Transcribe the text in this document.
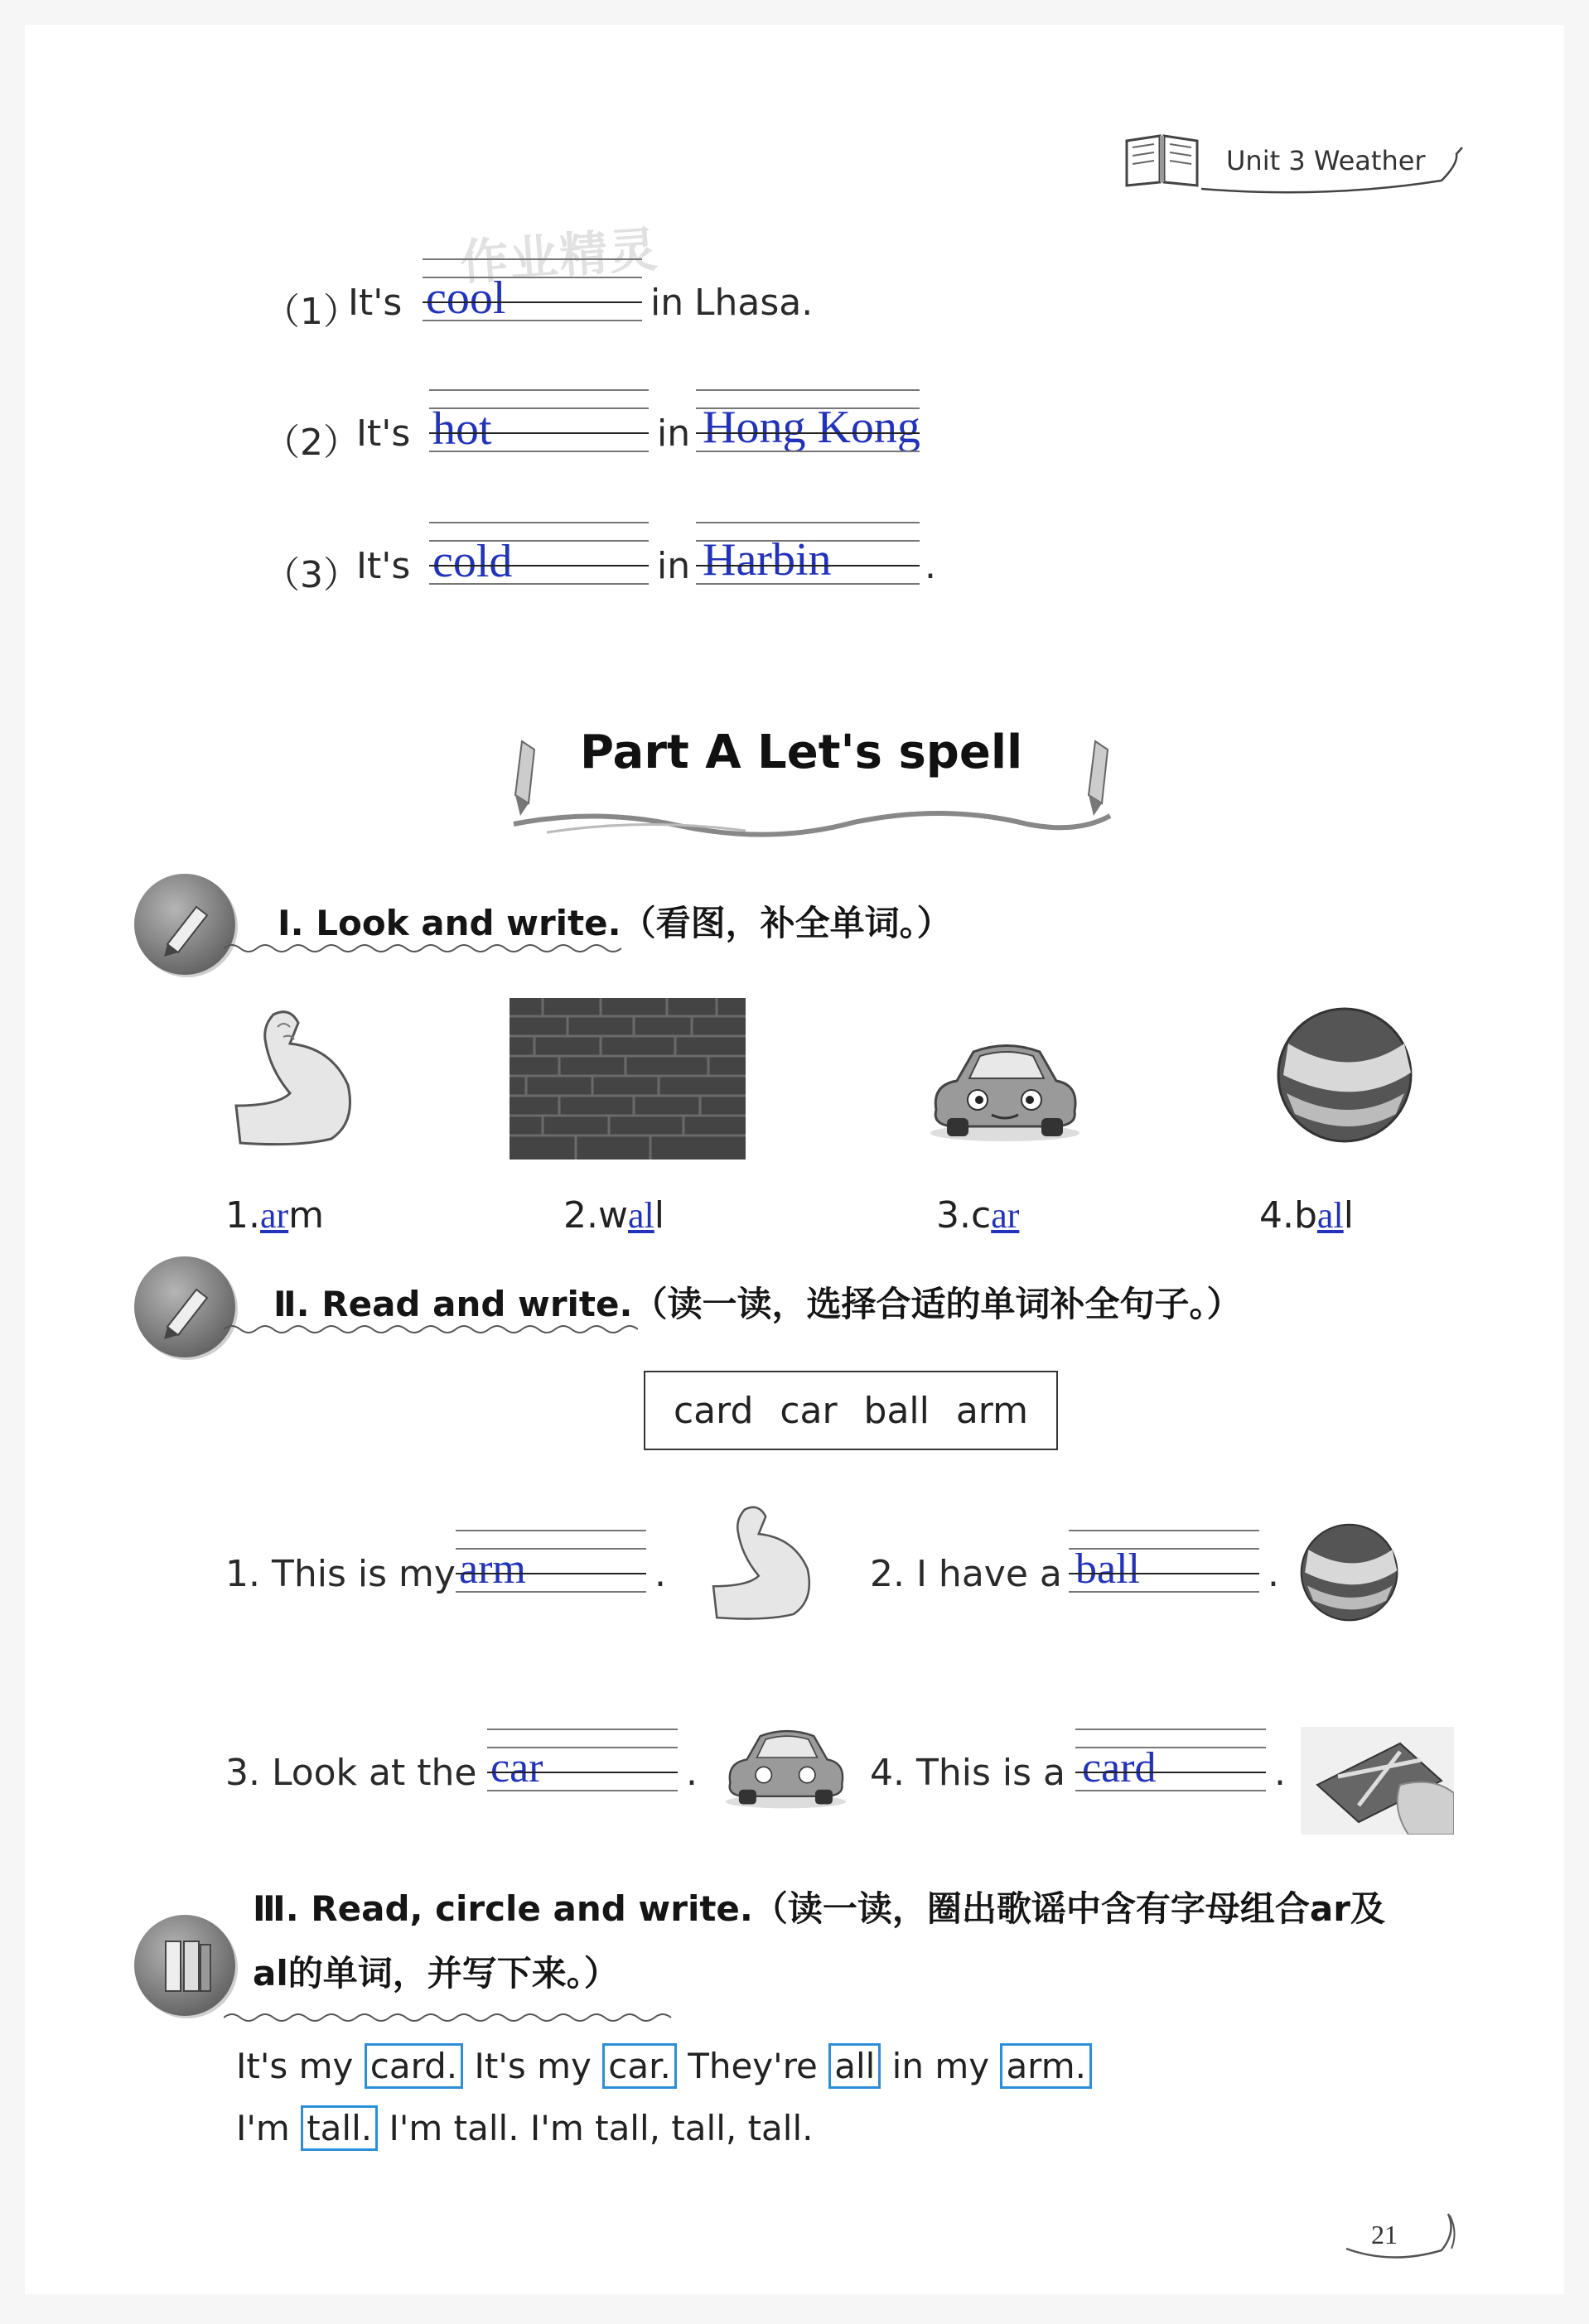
Unit 3 Weather
作业精灵
（1）
It's cool	in Lhasa.
（2）
It's hot	in Hong Kong
（3）
It's cold	in Harbin	.
Part A Let's spell
Ⅰ. Look and write.（看图，补全单词。）
1.arm	2.wall	3.car	4.ball
Ⅱ. Read and write.（读一读，选择合适的单词补全句子。）
card car ball arm
1. This is my arm	.	2. I have a ball	.
3. Look at the car	.	4. This is a card	.
Ⅲ. Read, circle and write.（读一读，圈出歌谣中含有字母组合ar及
al的单词，并写下来。）
It's my card. It's my car. They're all in my arm.
I'm tall. I'm tall. I'm tall, tall, tall.
21
